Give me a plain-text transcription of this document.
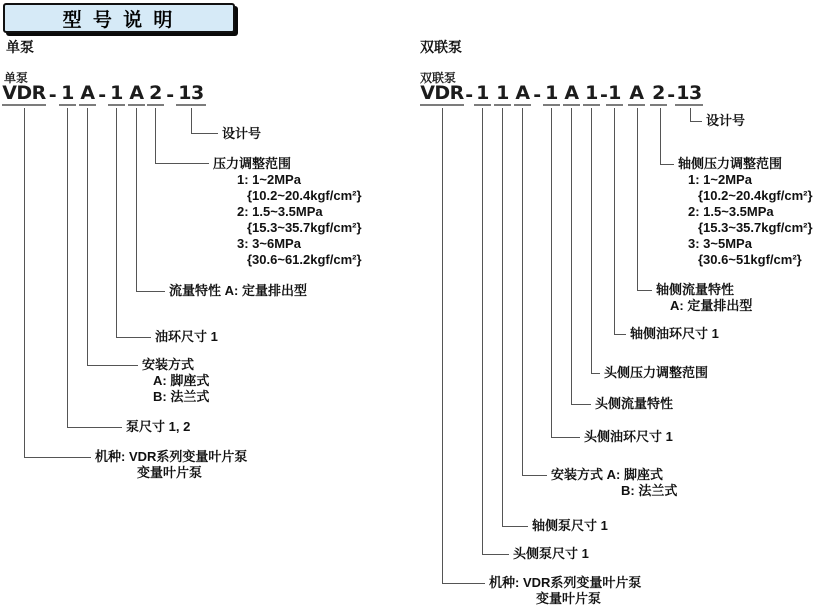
型 号 说 明
单泵	双联泵
单泵	双联泵
VDR - 1 A - 1 A 2 - 13
设计号
压力调整范围
1: 1~2MPa
{10.2~20.4kgf/cm²}
2: 1.5~3.5MPa
{15.3~35.7kgf/cm²}
3: 3~6MPa
{30.6~61.2kgf/cm²}
流量特性 A: 定量排出型
油环尺寸 1
安装方式
A: 脚座式
B: 法兰式
泵尺寸 1, 2
机种: VDR系列变量叶片泵
变量叶片泵
VDR - 1 1 A - 1 A 1 - 1 A 2 - 13
设计号
轴侧压力调整范围
1: 1~2MPa
{10.2~20.4kgf/cm²}
2: 1.5~3.5MPa
{15.3~35.7kgf/cm²}
3: 3~5MPa
{30.6~51kgf/cm²}
轴侧流量特性
A: 定量排出型
轴侧油环尺寸 1
头侧压力调整范围
头侧流量特性
头侧油环尺寸 1
安装方式 A: 脚座式
B: 法兰式
轴侧泵尺寸 1
头侧泵尺寸 1
机种: VDR系列变量叶片泵
变量叶片泵
